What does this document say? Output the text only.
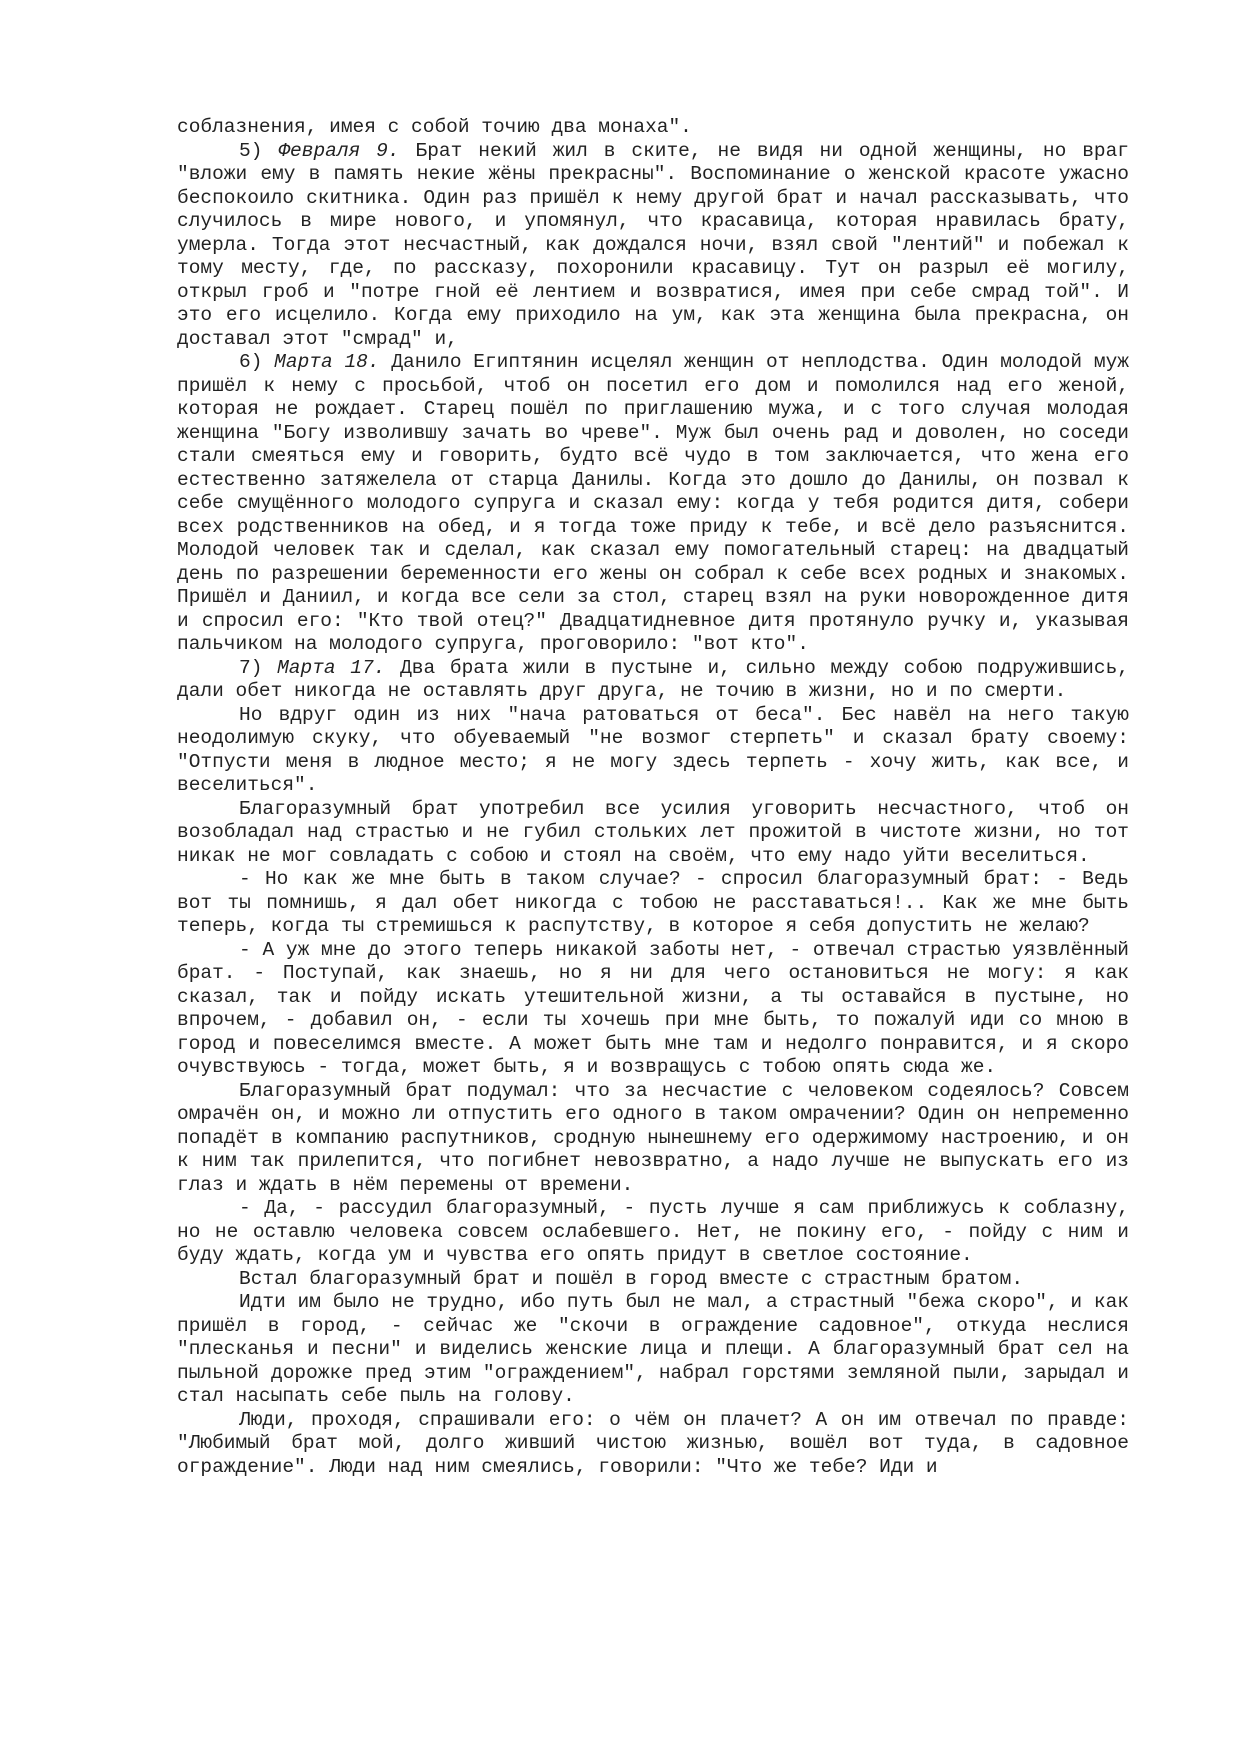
соблазнения, имея с собой точию два монаха".

5) Февраля 9. Брат некий жил в ските, не видя ни одной женщины, но враг "вложи ему в память некие жёны прекрасны". Воспоминание о женской красоте ужасно беспокоило скитника. Один раз пришёл к нему другой брат и начал рассказывать, что случилось в мире нового, и упомянул, что красавица, которая нравилась брату, умерла. Тогда этот несчастный, как дождался ночи, взял свой "лентий" и побежал к тому месту, где, по рассказу, похоронили красавицу. Тут он разрыл её могилу, открыл гроб и "потре гной её лентием и возвратися, имея при себе смрад той". И это его исцелило. Когда ему приходило на ум, как эта женщина была прекрасна, он доставал этот "смрад" и,

6) Марта 18. Данило Египтянин исцелял женщин от неплодства. Один молодой муж пришёл к нему с просьбой, чтоб он посетил его дом и помолился над его женой, которая не рождает. Старец пошёл по приглашению мужа, и с того случая молодая женщина "Богу изволившу зачать во чреве". Муж был очень рад и доволен, но соседи стали смеяться ему и говорить, будто всё чудо в том заключается, что жена его естественно затяжелела от старца Данилы. Когда это дошло до Данилы, он позвал к себе смущённого молодого супруга и сказал ему: когда у тебя родится дитя, собери всех родственников на обед, и я тогда тоже приду к тебе, и всё дело разъяснится. Молодой человек так и сделал, как сказал ему помогательный старец: на двадцатый день по разрешении беременности его жены он собрал к себе всех родных и знакомых. Пришёл и Даниил, и когда все сели за стол, старец взял на руки новорожденное дитя и спросил его: "Кто твой отец?" Двадцатидневное дитя протянуло ручку и, указывая пальчиком на молодого супруга, проговорило: "вот кто".

7) Марта 17. Два брата жили в пустыне и, сильно между собою подружившись, дали обет никогда не оставлять друг друга, не точию в жизни, но и по смерти.

Но вдруг один из них "нача ратоваться от беса". Бес навёл на него такую неодолимую скуку, что обуеваемый "не возмог стерпеть" и сказал брату своему: "Отпусти меня в людное место; я не могу здесь терпеть - хочу жить, как все, и веселиться".

Благоразумный брат употребил все усилия уговорить несчастного, чтоб он возобладал над страстью и не губил стольких лет прожитой в чистоте жизни, но тот никак не мог совладать с собою и стоял на своём, что ему надо уйти веселиться.

- Но как же мне быть в таком случае? - спросил благоразумный брат: - Ведь вот ты помнишь, я дал обет никогда с тобою не расставаться!.. Как же мне быть теперь, когда ты стремишься к распутству, в которое я себя допустить не желаю?

- А уж мне до этого теперь никакой заботы нет, - отвечал страстью уязвлённый брат. - Поступай, как знаешь, но я ни для чего остановиться не могу: я как сказал, так и пойду искать утешительной жизни, а ты оставайся в пустыне, но впрочем, - добавил он, - если ты хочешь при мне быть, то пожалуй иди со мною в город и повеселимся вместе. А может быть мне там и недолго понравится, и я скоро очувствуюсь - тогда, может быть, я и возвращусь с тобою опять сюда же.

Благоразумный брат подумал: что за несчастие с человеком содеялось? Совсем омрачён он, и можно ли отпустить его одного в таком омрачении? Один он непременно попадёт в компанию распутников, сродную нынешнему его одержимому настроению, и он к ним так прилепится, что погибнет невозвратно, а надо лучше не выпускать его из глаз и ждать в нём перемены от времени.

- Да, - рассудил благоразумный, - пусть лучше я сам приближусь к соблазну, но не оставлю человека совсем ослабевшего. Нет, не покину его, - пойду с ним и буду ждать, когда ум и чувства его опять придут в светлое состояние.

Встал благоразумный брат и пошёл в город вместе с страстным братом.

Идти им было не трудно, ибо путь был не мал, а страстный "бежа скоро", и как пришёл в город, - сейчас же "скочи в ограждение садовное", откуда неслися "плесканья и песни" и виделись женские лица и плещи. А благоразумный брат сел на пыльной дорожке пред этим "ограждением", набрал горстями земляной пыли, зарыдал и стал насыпать себе пыль на голову.

Люди, проходя, спрашивали его: о чём он плачет? А он им отвечал по правде: "Любимый брат мой, долго живший чистою жизнью, вошёл вот туда, в садовное ограждение". Люди над ним смеялись, говорили: "Что же тебе? Иди и
